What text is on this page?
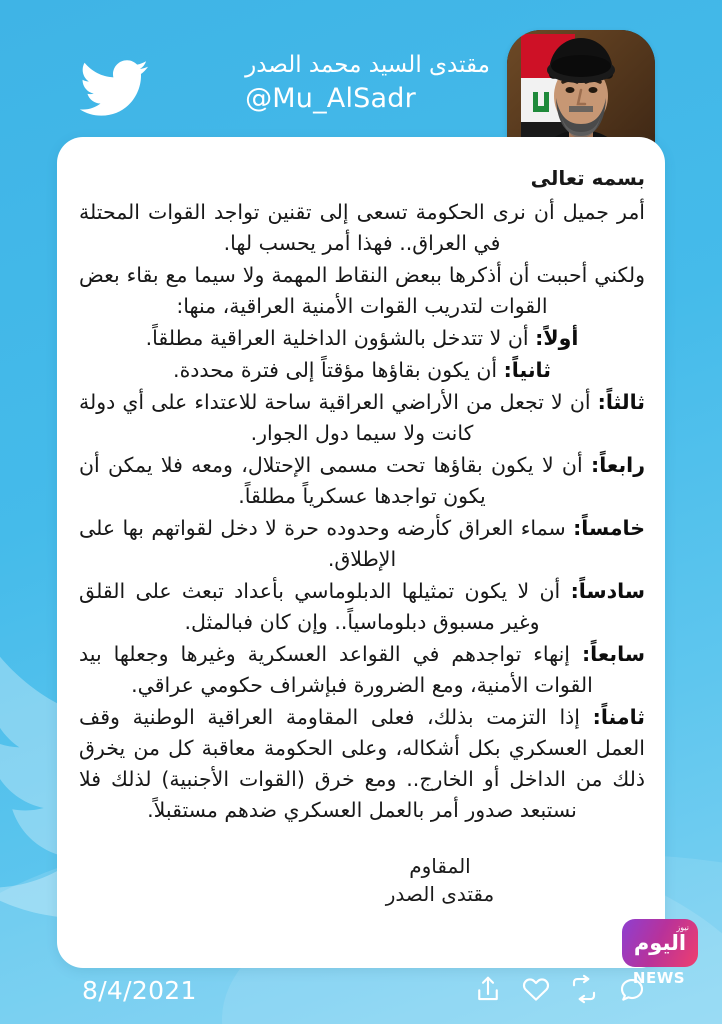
مقتدى السيد محمد الصدر
@Mu_AlSadr
بسمه تعالى

أمر جميل أن نرى الحكومة تسعى إلى تقنين تواجد القوات المحتلة في العراق.. فهذا أمر يحسب لها.

ولكني أحببت أن أذكرها ببعض النقاط المهمة ولا سيما مع بقاء بعض القوات لتدريب القوات الأمنية العراقية، منها:

أولاً: أن لا تتدخل بالشؤون الداخلية العراقية مطلقاً.

ثانياً: أن يكون بقاؤها مؤقتاً إلى فترة محددة.

ثالثاً: أن لا تجعل من الأراضي العراقية ساحة للاعتداء على أي دولة كانت ولا سيما دول الجوار.

رابعاً: أن لا يكون بقاؤها تحت مسمى الإحتلال، ومعه فلا يمكن أن يكون تواجدها عسكرياً مطلقاً.

خامساً: سماء العراق كأرضه وحدوده حرة لا دخل لقواتهم بها على الإطلاق.

سادساً: أن لا يكون تمثيلها الدبلوماسي بأعداد تبعث على القلق وغير مسبوق دبلوماسياً.. وإن كان فبالمثل.

سابعاً: إنهاء تواجدهم في القواعد العسكرية وغيرها وجعلها بيد القوات الأمنية، ومع الضرورة فبإشراف حكومي عراقي.

ثامناً: إذا التزمت بذلك، فعلى المقاومة العراقية الوطنية وقف العمل العسكري بكل أشكاله، وعلى الحكومة معاقبة كل من يخرق ذلك من الداخل أو الخارج.. ومع خرق (القوات الأجنبية) لذلك فلا نستبعد صدور أمر بالعمل العسكري ضدهم مستقبلاً.

المقاوم
مقتدى الصدر
نيوز
اليوم
NEWS
8/4/2021
